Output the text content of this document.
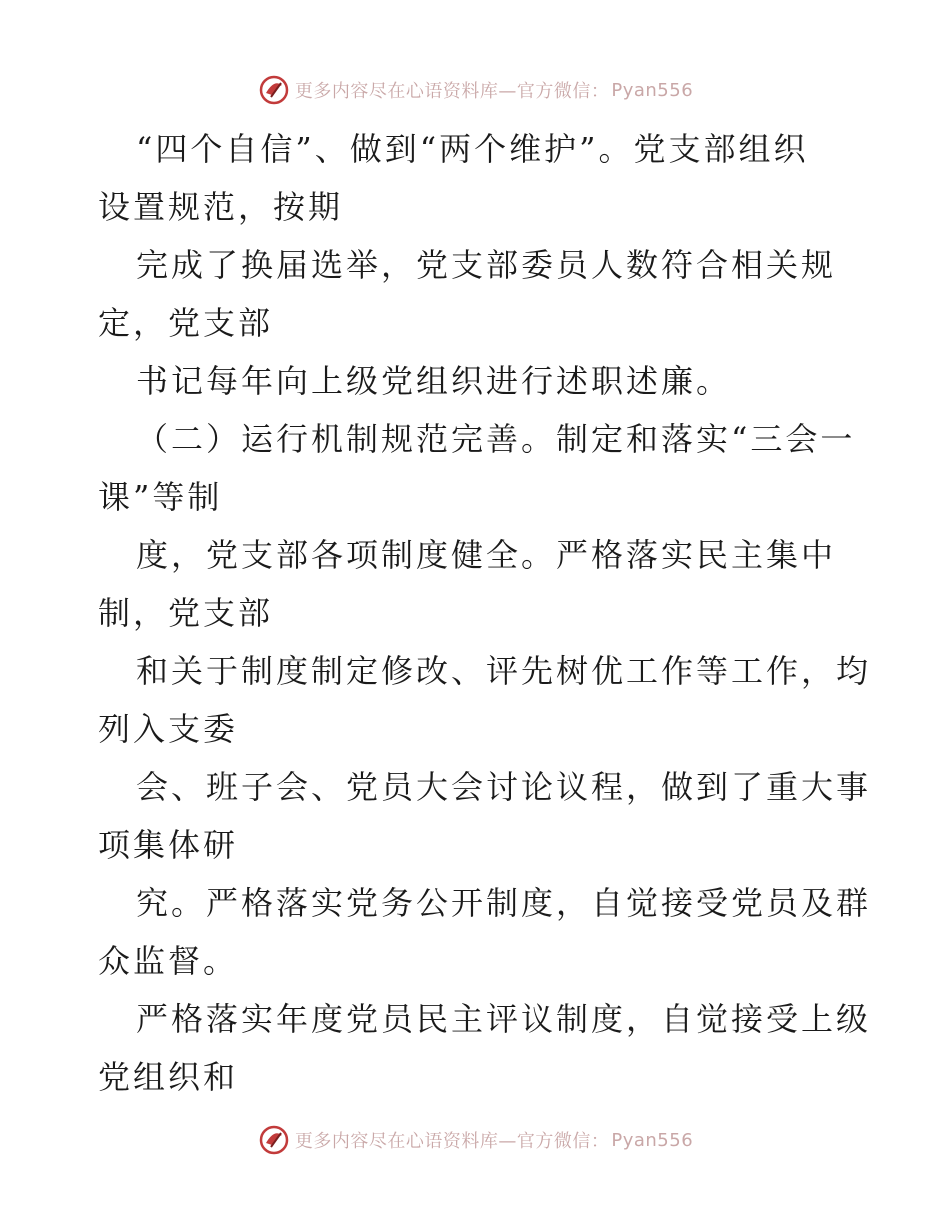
更多内容尽在心语资料库— 官方微信： Pyan556
“四个自信”、做到“两个维护”。党支部组织
设置规范，按期
完成了换届选举，党支部委员人数符合相关规
定，党支部
书记每年向上级党组织进行述职述廉。
（二）运行机制规范完善。制定和落实“三会一
课”等制
度，党支部各项制度健全。严格落实民主集中
制，党支部
和关于制度制定修改、评先树优工作等工作，均
列入支委
会、班子会、党员大会讨论议程，做到了重大事
项集体研
究。严格落实党务公开制度，自觉接受党员及群
众监督。
严格落实年度党员民主评议制度，自觉接受上级
党组织和
更多内容尽在心语资料库— 官方微信： Pyan556
